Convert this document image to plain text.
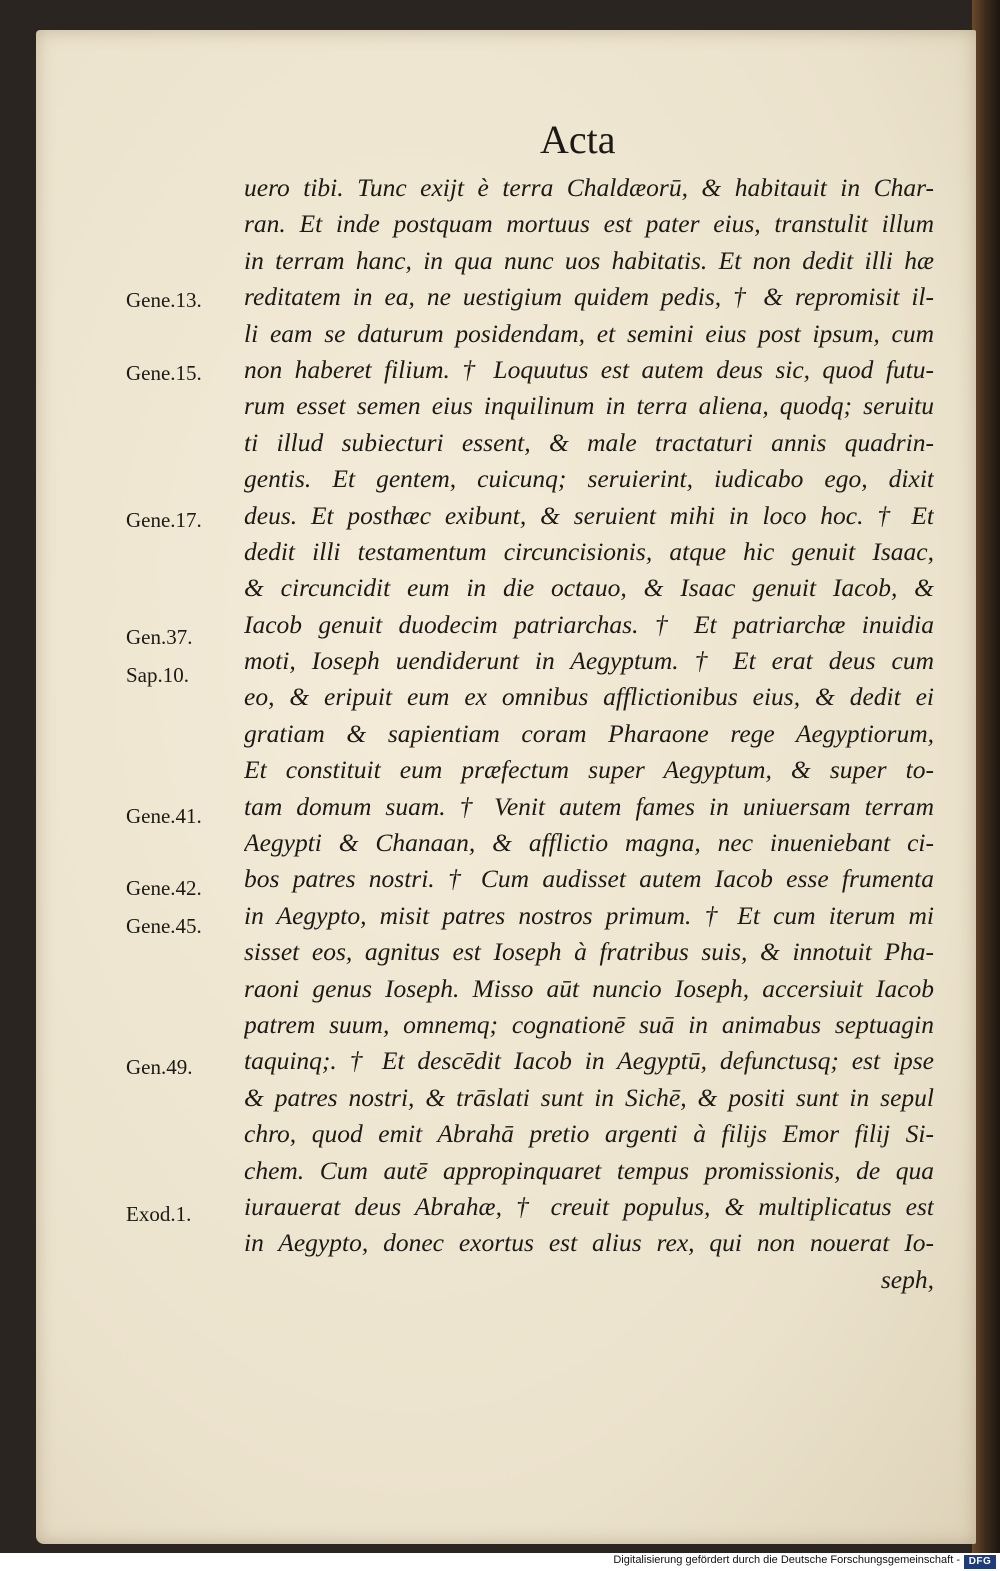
Acta
uero tibi. Tunc exijt è terra Chaldæorū, & habitauit in Char-
ran. Et inde postquam mortuus est pater eius, transtulit illum
in terram hanc, in qua nunc uos habitatis. Et non dedit illi hæ
reditatem in ea, ne uestigium quidem pedis, † & repromisit il-
li eam se daturum posidendam, et semini eius post ipsum, cum
non haberet filium. † Loquutus est autem deus sic, quod futu-
rum esset semen eius inquilinum in terra aliena, quodq; seruitu
ti illud subiecturi essent, & male tractaturi annis quadrin-
gentis. Et gentem, cuicunq; seruierint, iudicabo ego, dixit
deus. Et posthæc exibunt, & seruient mihi in loco hoc. † Et
dedit illi testamentum circuncisionis, atque hic genuit Isaac,
& circuncidit eum in die octauo, & Isaac genuit Iacob, &
Iacob genuit duodecim patriarchas. † Et patriarchæ inuidia
moti, Ioseph uendiderunt in Aegyptum. † Et erat deus cum
eo, & eripuit eum ex omnibus afflictionibus eius, & dedit ei
gratiam & sapientiam coram Pharaone rege Aegyptiorum,
Et constituit eum præfectum super Aegyptum, & super to-
tam domum suam. † Venit autem fames in uniuersam terram
Aegypti & Chanaan, & afflictio magna, nec inueniebant ci-
bos patres nostri. † Cum audisset autem Iacob esse frumenta
in Aegypto, misit patres nostros primum. † Et cum iterum mi
sisset eos, agnitus est Ioseph à fratribus suis, & innotuit Pha-
raoni genus Ioseph. Misso aūt nuncio Ioseph, accersiuit Iacob
patrem suum, omnemq; cognationē suā in animabus septuagin
taquinq;. † Et descēdit Iacob in Aegyptū, defunctusq; est ipse
& patres nostri, & trāslati sunt in Sichē, & positi sunt in sepul
chro, quod emit Abrahā pretio argenti à filijs Emor filij Si-
chem. Cum autē appropinquaret tempus promissionis, de qua
iurauerat deus Abrahæ, † creuit populus, & multiplicatus est
in Aegypto, donec exortus est alius rex, qui non nouerat Io-
seph,
Gene.13.
Gene.15.
Gene.17.
Gen.37.
Sap.10.
Gene.41.
Gene.42.
Gene.45.
Gen.49.
Exod.1.
Digitalisierung gefördert durch die Deutsche Forschungsgemeinschaft - DFG
